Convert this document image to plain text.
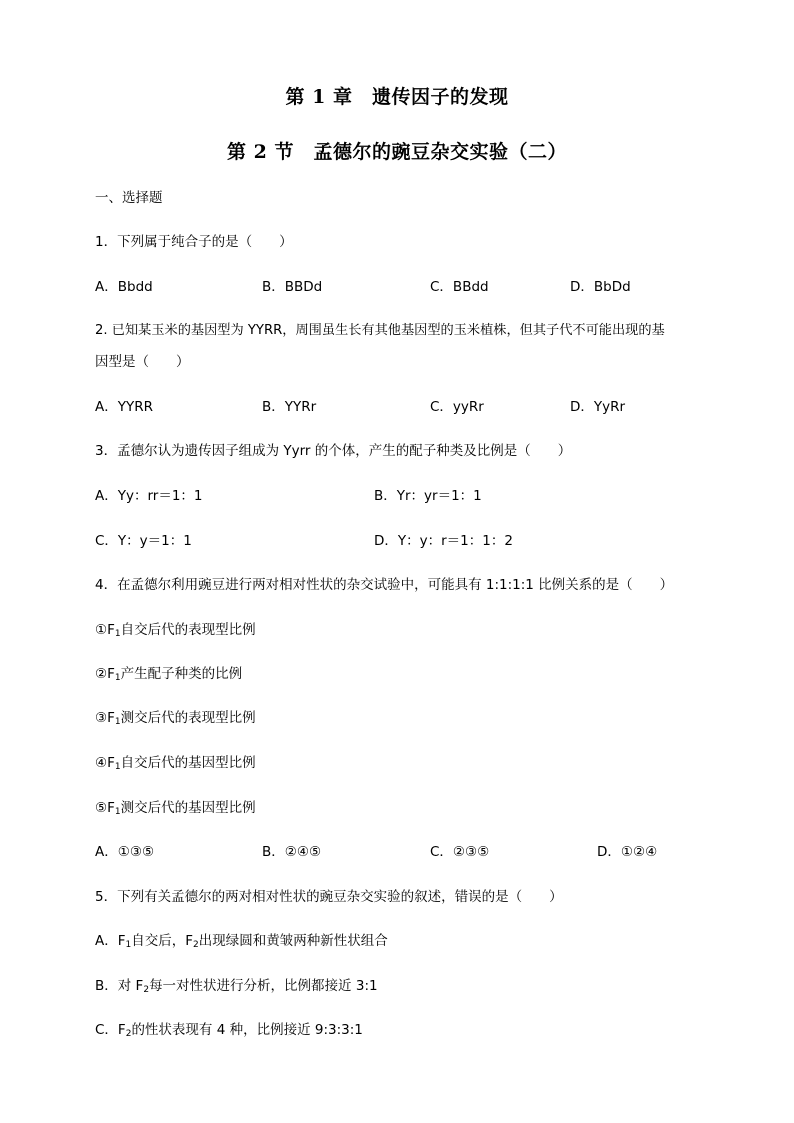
第 1 章　遗传因子的发现
第 2 节　孟德尔的豌豆杂交实验（二）
一、选择题
1．下列属于纯合子的是（　　）
A．Bbdd	B．BBDd	C．BBdd	D．BbDd
2. 已知某玉米的基因型为 YYRR，周围虽生长有其他基因型的玉米植株，但其子代不可能出现的基
因型是（　　）
A．YYRR	B．YYRr	C．yyRr	D．YyRr
3．孟德尔认为遗传因子组成为 Yyrr 的个体，产生的配子种类及比例是（　　）
A．Yy：rr＝1：1	B．Yr：yr＝1：1
C．Y：y＝1：1	D．Y：y：r＝1：1：2
4．在孟德尔利用豌豆进行两对相对性状的杂交试验中，可能具有 1:1:1:1 比例关系的是（　　）
$①F_1$自交后代的表现型比例
$②F_1$产生配子种类的比例
$③F_1$测交后代的表现型比例
$④F_1$自交后代的基因型比例
$⑤F_1$测交后代的基因型比例
A．①③⑤	B．②④⑤	C．②③⑤	D．①②④
5．下列有关孟德尔的两对相对性状的豌豆杂交实验的叙述，错误的是（　　）
A．$F_1$自交后，$F_2$出现绿圆和黄皱两种新性状组合
B．对 $F_2$每一对性状进行分析，比例都接近 3:1
C．$F_2$的性状表现有 4 种，比例接近 9:3:3:1
